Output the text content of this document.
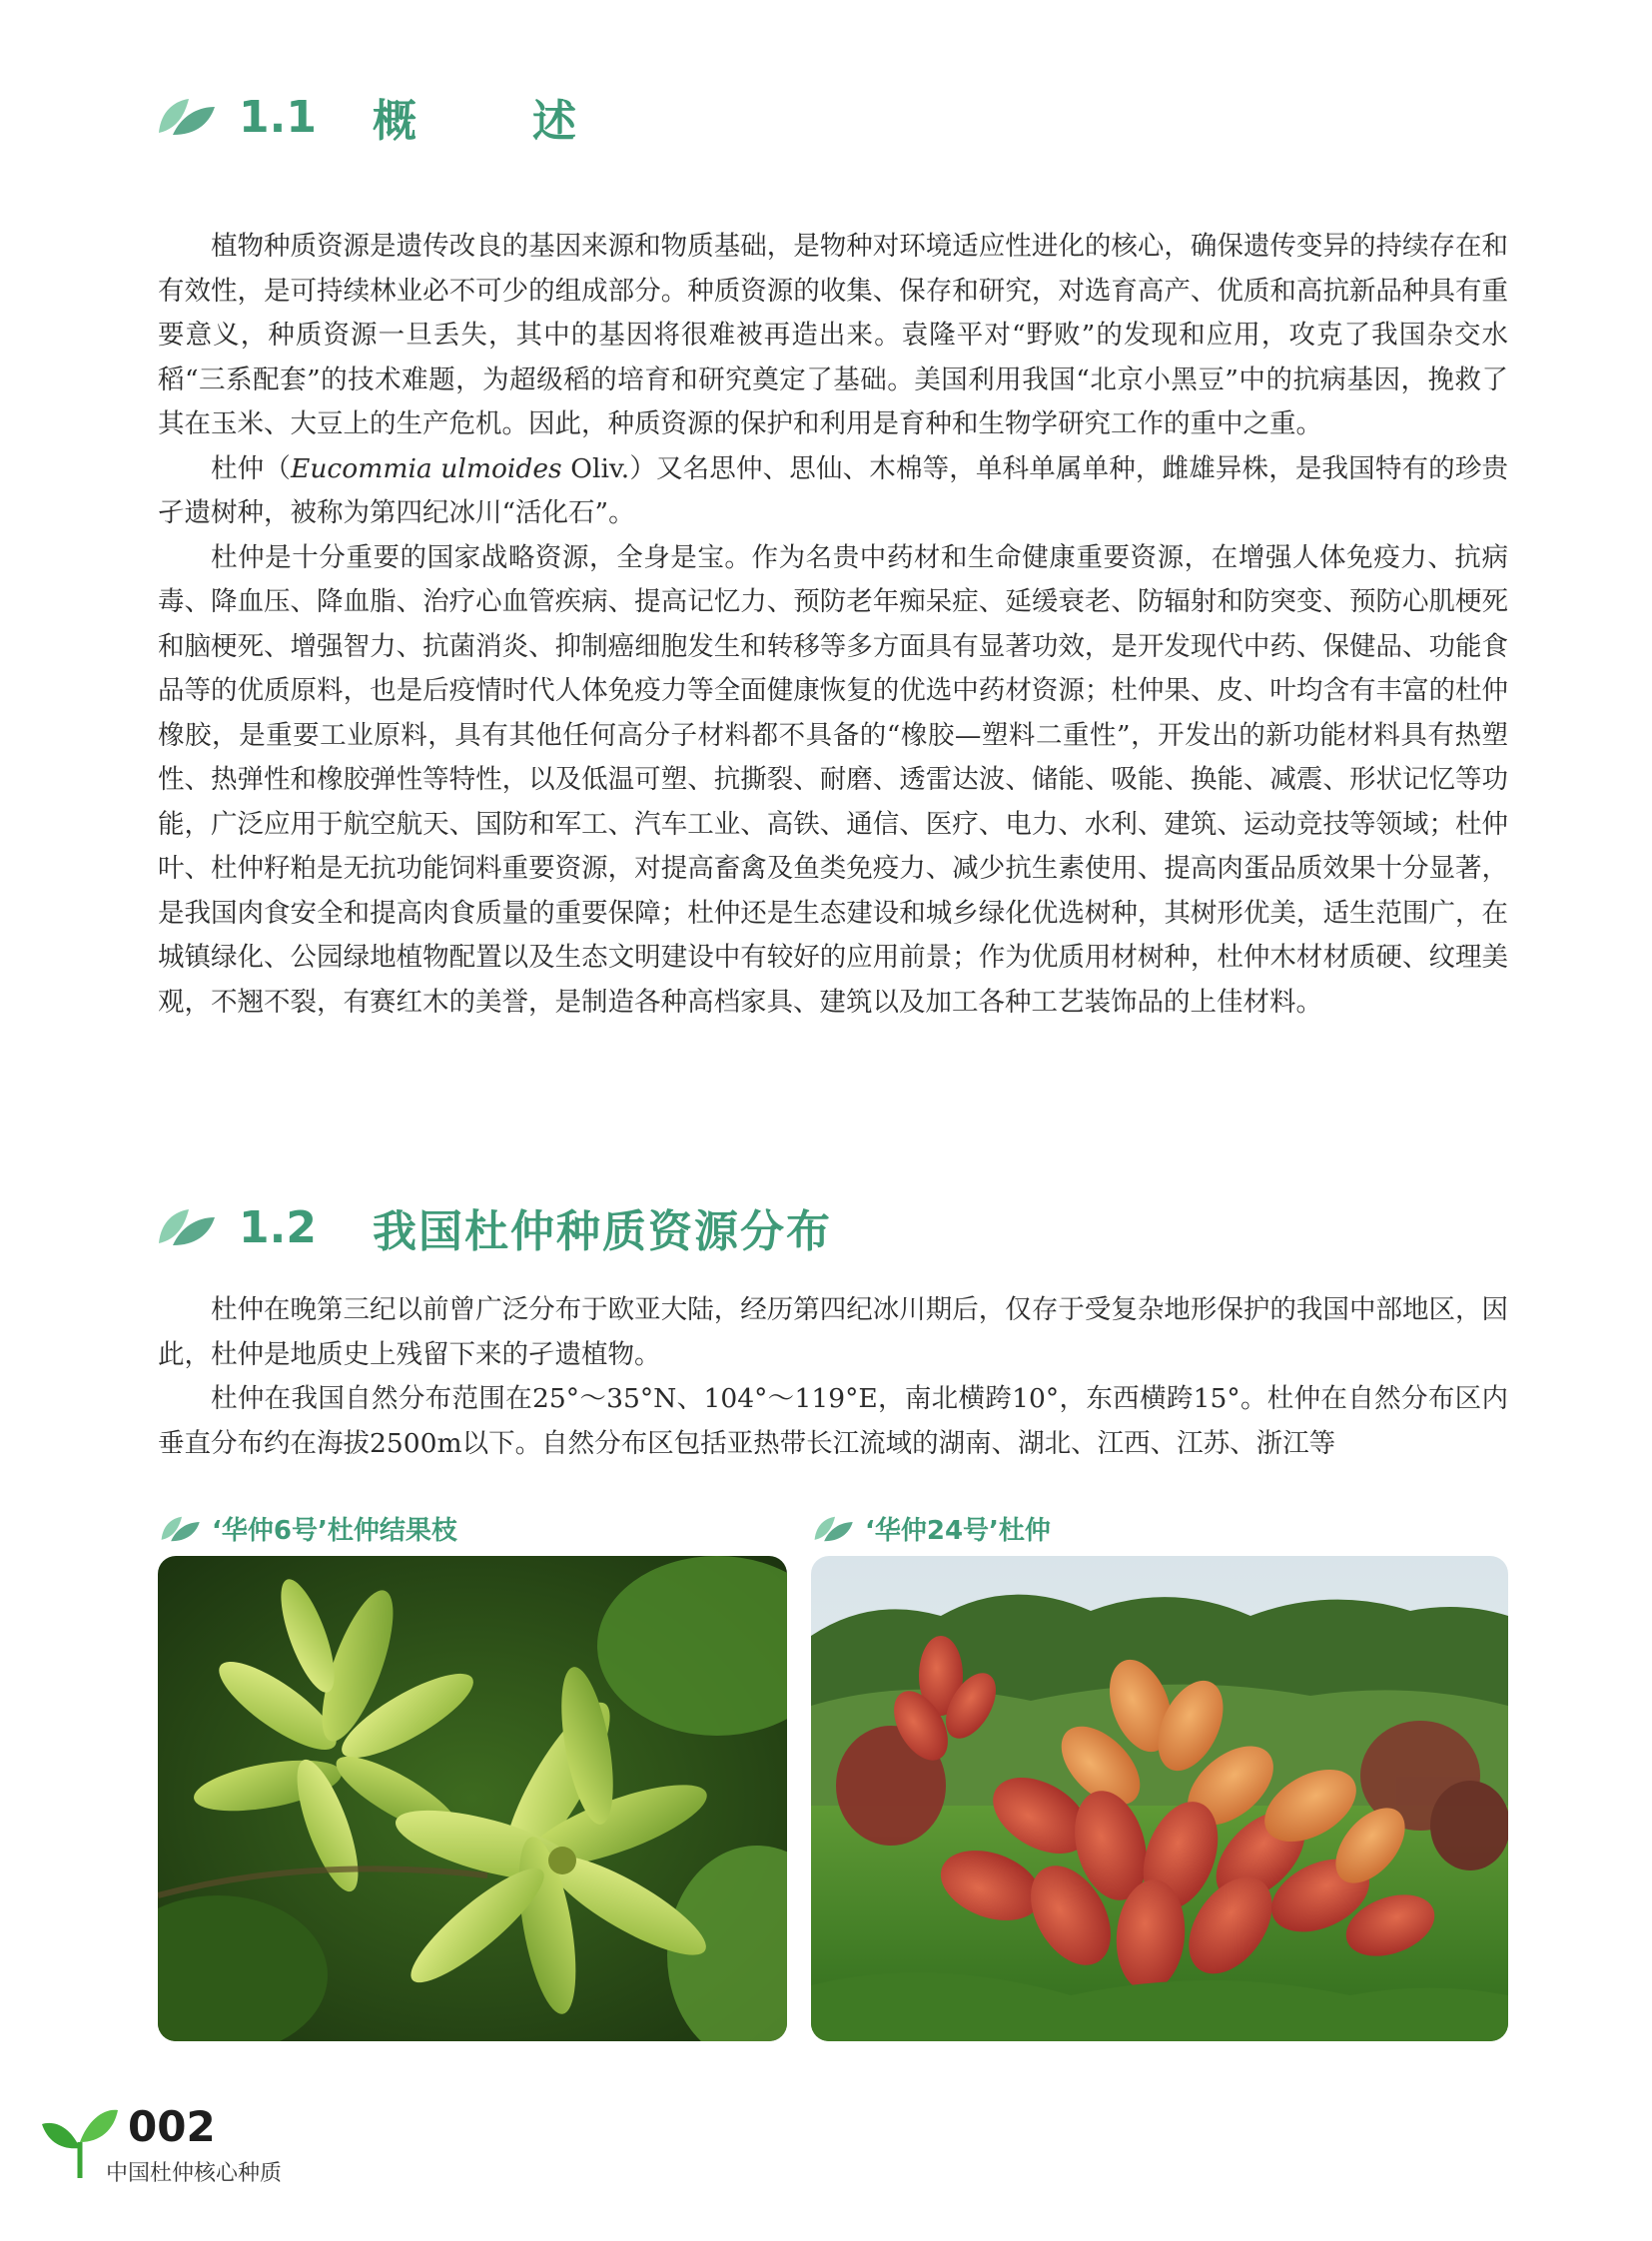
1.1 概　述

植物种质资源是遗传改良的基因来源和物质基础，是物种对环境适应性进化的核心，确保遗传变异的持续存在和有效性，是可持续林业必不可少的组成部分。种质资源的收集、保存和研究，对选育高产、优质和高抗新品种具有重要意义，种质资源一旦丢失，其中的基因将很难被再造出来。袁隆平对“野败”的发现和应用，攻克了我国杂交水稻“三系配套”的技术难题，为超级稻的培育和研究奠定了基础。美国利用我国“北京小黑豆”中的抗病基因，挽救了其在玉米、大豆上的生产危机。因此，种质资源的保护和利用是育种和生物学研究工作的重中之重。

杜仲（Eucommia ulmoides Oliv.）又名思仲、思仙、木棉等，单科单属单种，雌雄异株，是我国特有的珍贵孑遗树种，被称为第四纪冰川“活化石”。

杜仲是十分重要的国家战略资源，全身是宝。作为名贵中药材和生命健康重要资源，在增强人体免疫力、抗病毒、降血压、降血脂、治疗心血管疾病、提高记忆力、预防老年痴呆症、延缓衰老、防辐射和防突变、预防心肌梗死和脑梗死、增强智力、抗菌消炎、抑制癌细胞发生和转移等多方面具有显著功效，是开发现代中药、保健品、功能食品等的优质原料，也是后疫情时代人体免疫力等全面健康恢复的优选中药材资源；杜仲果、皮、叶均含有丰富的杜仲橡胶，是重要工业原料，具有其他任何高分子材料都不具备的“橡胶—塑料二重性”，开发出的新功能材料具有热塑性、热弹性和橡胶弹性等特性，以及低温可塑、抗撕裂、耐磨、透雷达波、储能、吸能、换能、减震、形状记忆等功能，广泛应用于航空航天、国防和军工、汽车工业、高铁、通信、医疗、电力、水利、建筑、运动竞技等领域；杜仲叶、杜仲籽粕是无抗功能饲料重要资源，对提高畜禽及鱼类免疫力、减少抗生素使用、提高肉蛋品质效果十分显著，是我国肉食安全和提高肉食质量的重要保障；杜仲还是生态建设和城乡绿化优选树种，其树形优美，适生范围广，在城镇绿化、公园绿地植物配置以及生态文明建设中有较好的应用前景；作为优质用材树种，杜仲木材材质硬、纹理美观，不翘不裂，有赛红木的美誉，是制造各种高档家具、建筑以及加工各种工艺装饰品的上佳材料。

1.2 我国杜仲种质资源分布

杜仲在晚第三纪以前曾广泛分布于欧亚大陆，经历第四纪冰川期后，仅存于受复杂地形保护的我国中部地区，因此，杜仲是地质史上残留下来的孑遗植物。

杜仲在我国自然分布范围在25°～35°N、104°～119°E，南北横跨10°，东西横跨15°。杜仲在自然分布区内垂直分布约在海拔2500m以下。自然分布区包括亚热带长江流域的湖南、湖北、江西、江苏、浙江等

‘华仲6号’杜仲结果枝	‘华仲24号’杜仲
002
中国杜仲核心种质
